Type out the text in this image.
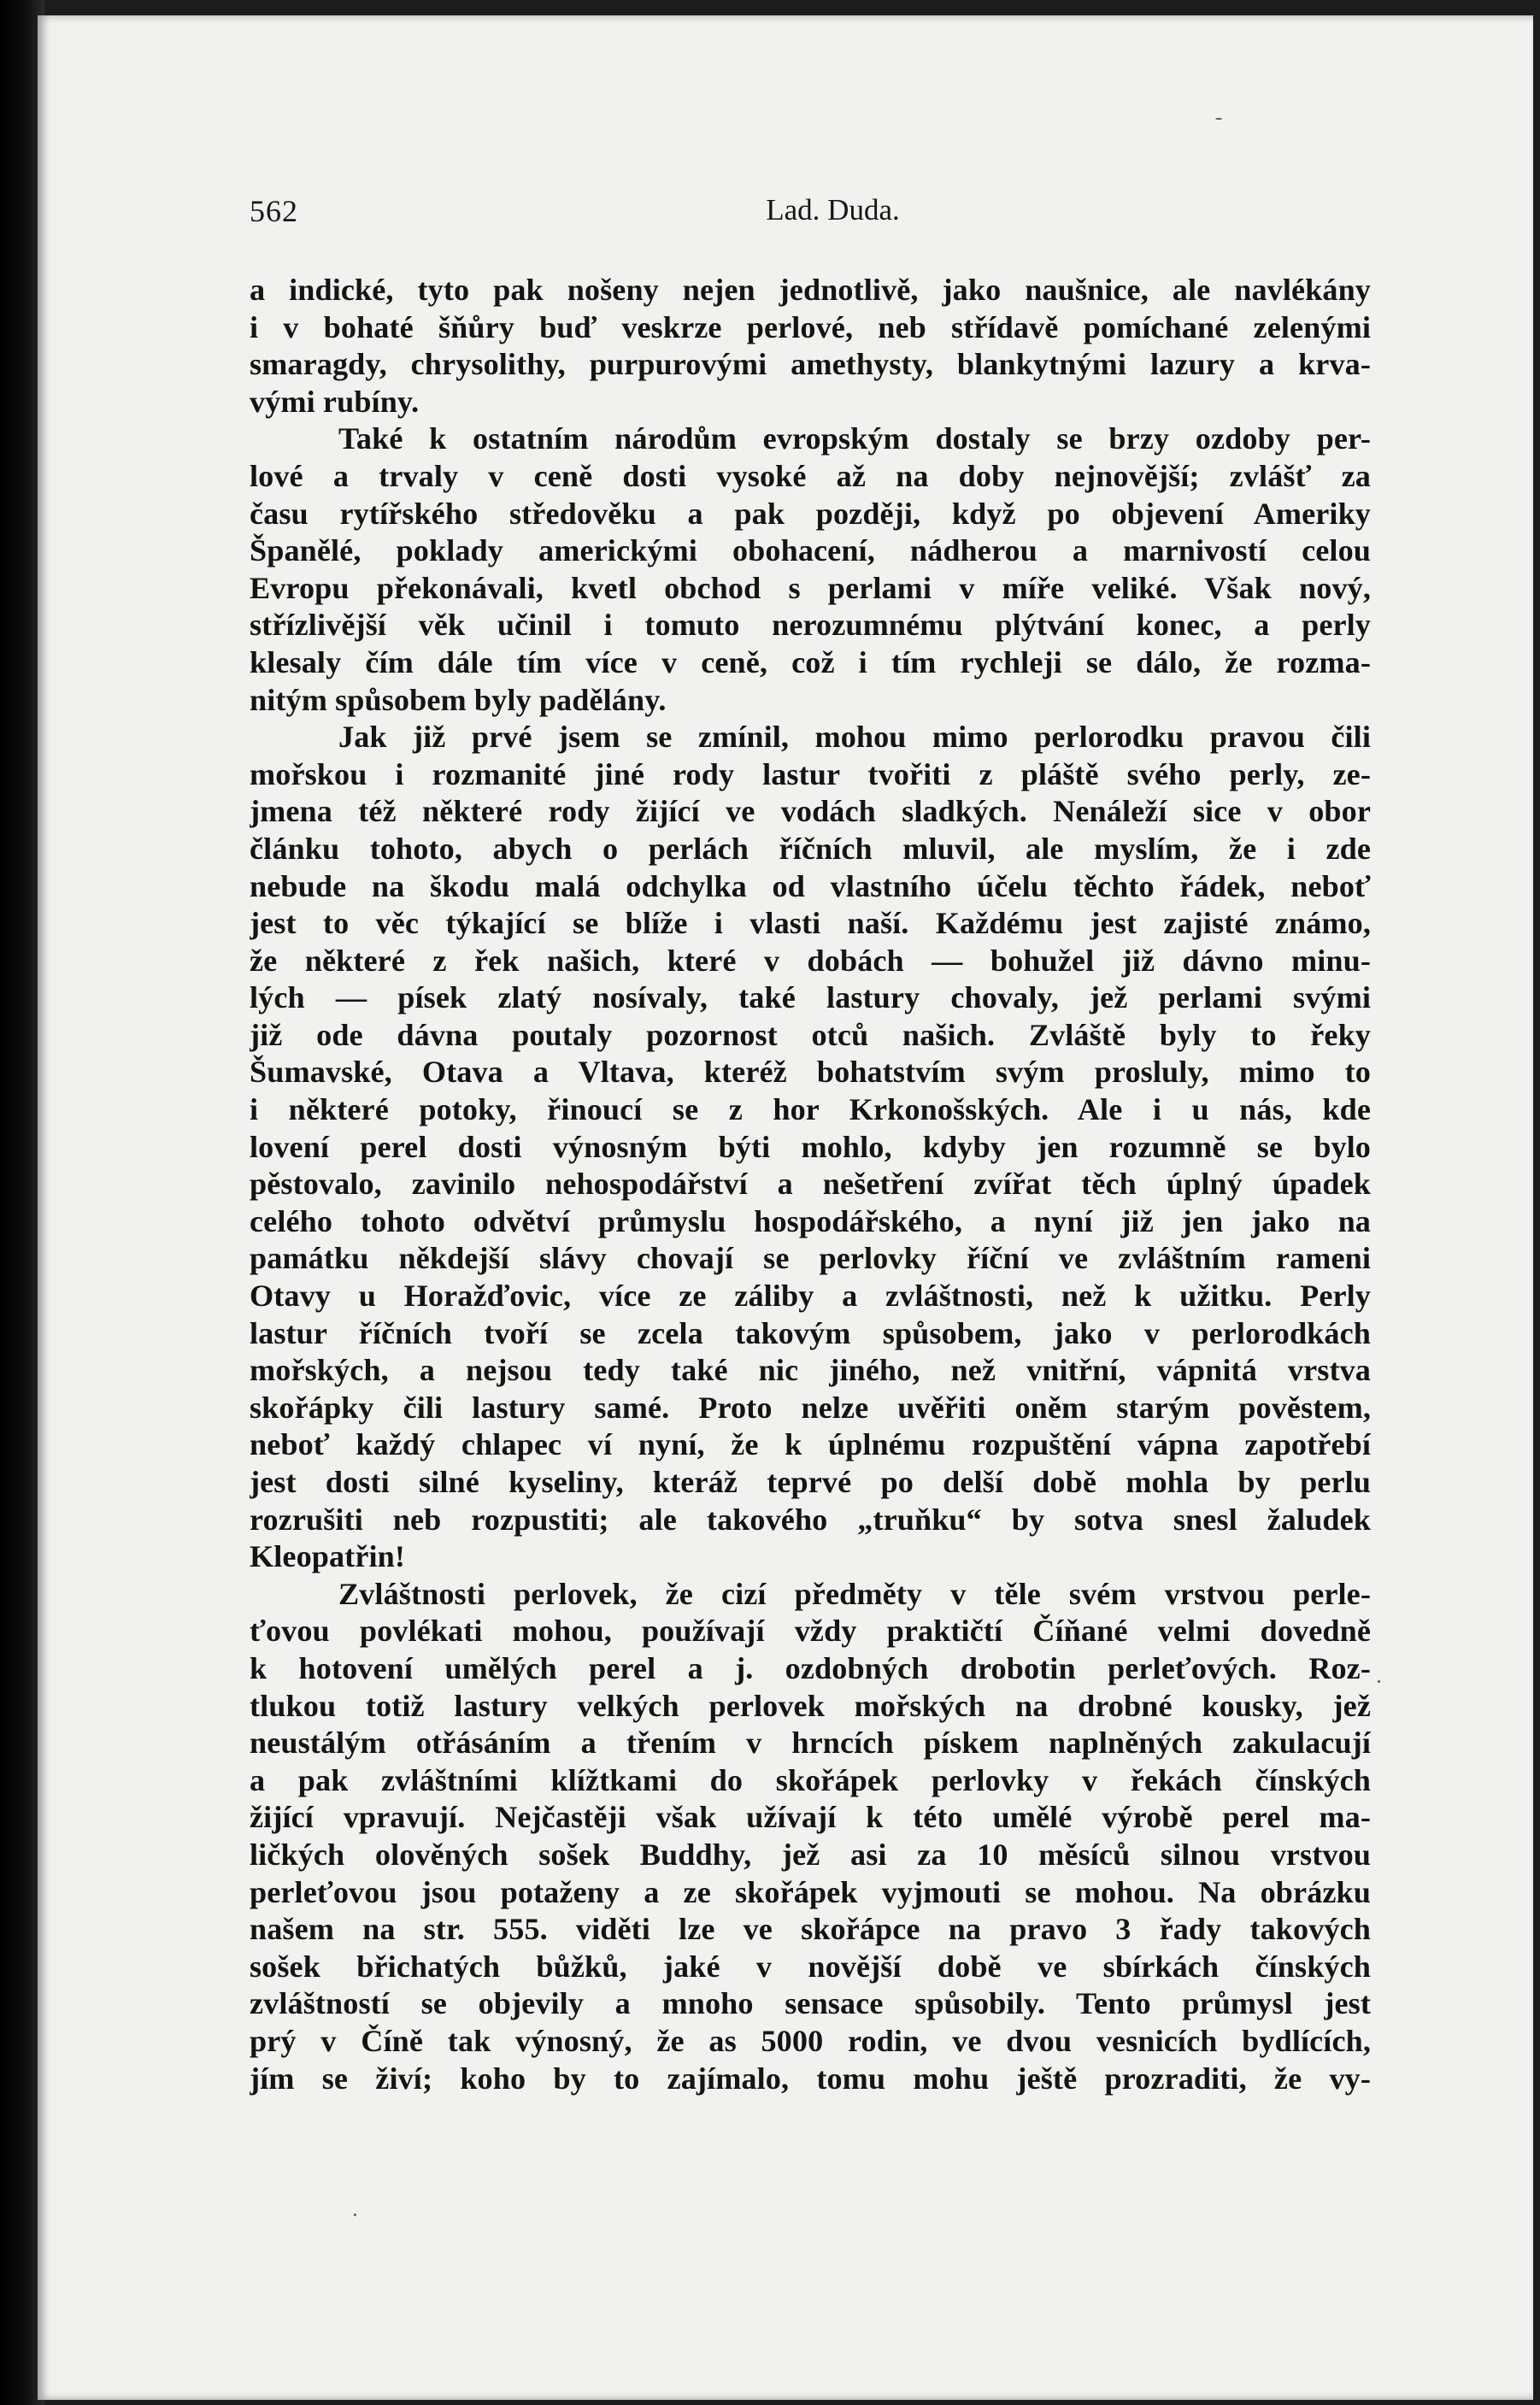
562	Lad. Duda.
a indické, tyto pak nošeny nejen jednotlivě, jako naušnice, ale navlékány
i v bohaté šňůry buď veskrze perlové, neb střídavě pomíchané zelenými
smaragdy, chrysolithy, purpurovými amethysty, blankytnými lazury a krva-
vými rubíny.
Také k ostatním národům evropským dostaly se brzy ozdoby per-
lové a trvaly v ceně dosti vysoké až na doby nejnovější; zvlášť za
času rytířského středověku a pak později, když po objevení Ameriky
Španělé, poklady americkými obohacení, nádherou a marnivostí celou
Evropu překonávali, kvetl obchod s perlami v míře veliké. Však nový,
střízlivější věk učinil i tomuto nerozumnému plýtvání konec, a perly
klesaly čím dále tím více v ceně, což i tím rychleji se dálo, že rozma-
nitým spůsobem byly padělány.
Jak již prvé jsem se zmínil, mohou mimo perlorodku pravou čili
mořskou i rozmanité jiné rody lastur tvořiti z pláště svého perly, ze-
jmena též některé rody žijící ve vodách sladkých. Nenáleží sice v obor
článku tohoto, abych o perlách říčních mluvil, ale myslím, že i zde
nebude na škodu malá odchylka od vlastního účelu těchto řádek, neboť
jest to věc týkající se blíže i vlasti naší. Každému jest zajisté známo,
že některé z řek našich, které v dobách — bohužel již dávno minu-
lých — písek zlatý nosívaly, také lastury chovaly, jež perlami svými
již ode dávna poutaly pozornost otců našich. Zvláště byly to řeky
Šumavské, Otava a Vltava, kteréž bohatstvím svým prosluly, mimo to
i některé potoky, řinoucí se z hor Krkonošských. Ale i u nás, kde
lovení perel dosti výnosným býti mohlo, kdyby jen rozumně se bylo
pěstovalo, zavinilo nehospodářství a nešetření zvířat těch úplný úpadek
celého tohoto odvětví průmyslu hospodářského, a nyní již jen jako na
památku někdejší slávy chovají se perlovky říční ve zvláštním rameni
Otavy u Horažďovic, více ze záliby a zvláštnosti, než k užitku. Perly
lastur říčních tvoří se zcela takovým spůsobem, jako v perlorodkách
mořských, a nejsou tedy také nic jiného, než vnitřní, vápnitá vrstva
skořápky čili lastury samé. Proto nelze uvěřiti oněm starým pověstem,
neboť každý chlapec ví nyní, že k úplnému rozpuštění vápna zapotřebí
jest dosti silné kyseliny, kteráž teprvé po delší době mohla by perlu
rozrušiti neb rozpustiti; ale takového „truňku“ by sotva snesl žaludek
Kleopatřin!
Zvláštnosti perlovek, že cizí předměty v těle svém vrstvou perle-
ťovou povlékati mohou, používají vždy praktičtí Číňané velmi dovedně
k hotovení umělých perel a j. ozdobných drobotin perleťových. Roz-
tlukou totiž lastury velkých perlovek mořských na drobné kousky, jež
neustálým otřásáním a třením v hrncích pískem naplněných zakulacují
a pak zvláštními klížtkami do skořápek perlovky v řekách čínských
žijící vpravují. Nejčastěji však užívají k této umělé výrobě perel ma-
ličkých olověných sošek Buddhy, jež asi za 10 měsíců silnou vrstvou
perleťovou jsou potaženy a ze skořápek vyjmouti se mohou. Na obrázku
našem na str. 555. viděti lze ve skořápce na pravo 3 řady takových
sošek břichatých bůžků, jaké v novější době ve sbírkách čínských
zvláštností se objevily a mnoho sensace spůsobily. Tento průmysl jest
prý v Číně tak výnosný, že as 5000 rodin, ve dvou vesnicích bydlících,
jím se živí; koho by to zajímalo, tomu mohu ještě prozraditi, že vy-
